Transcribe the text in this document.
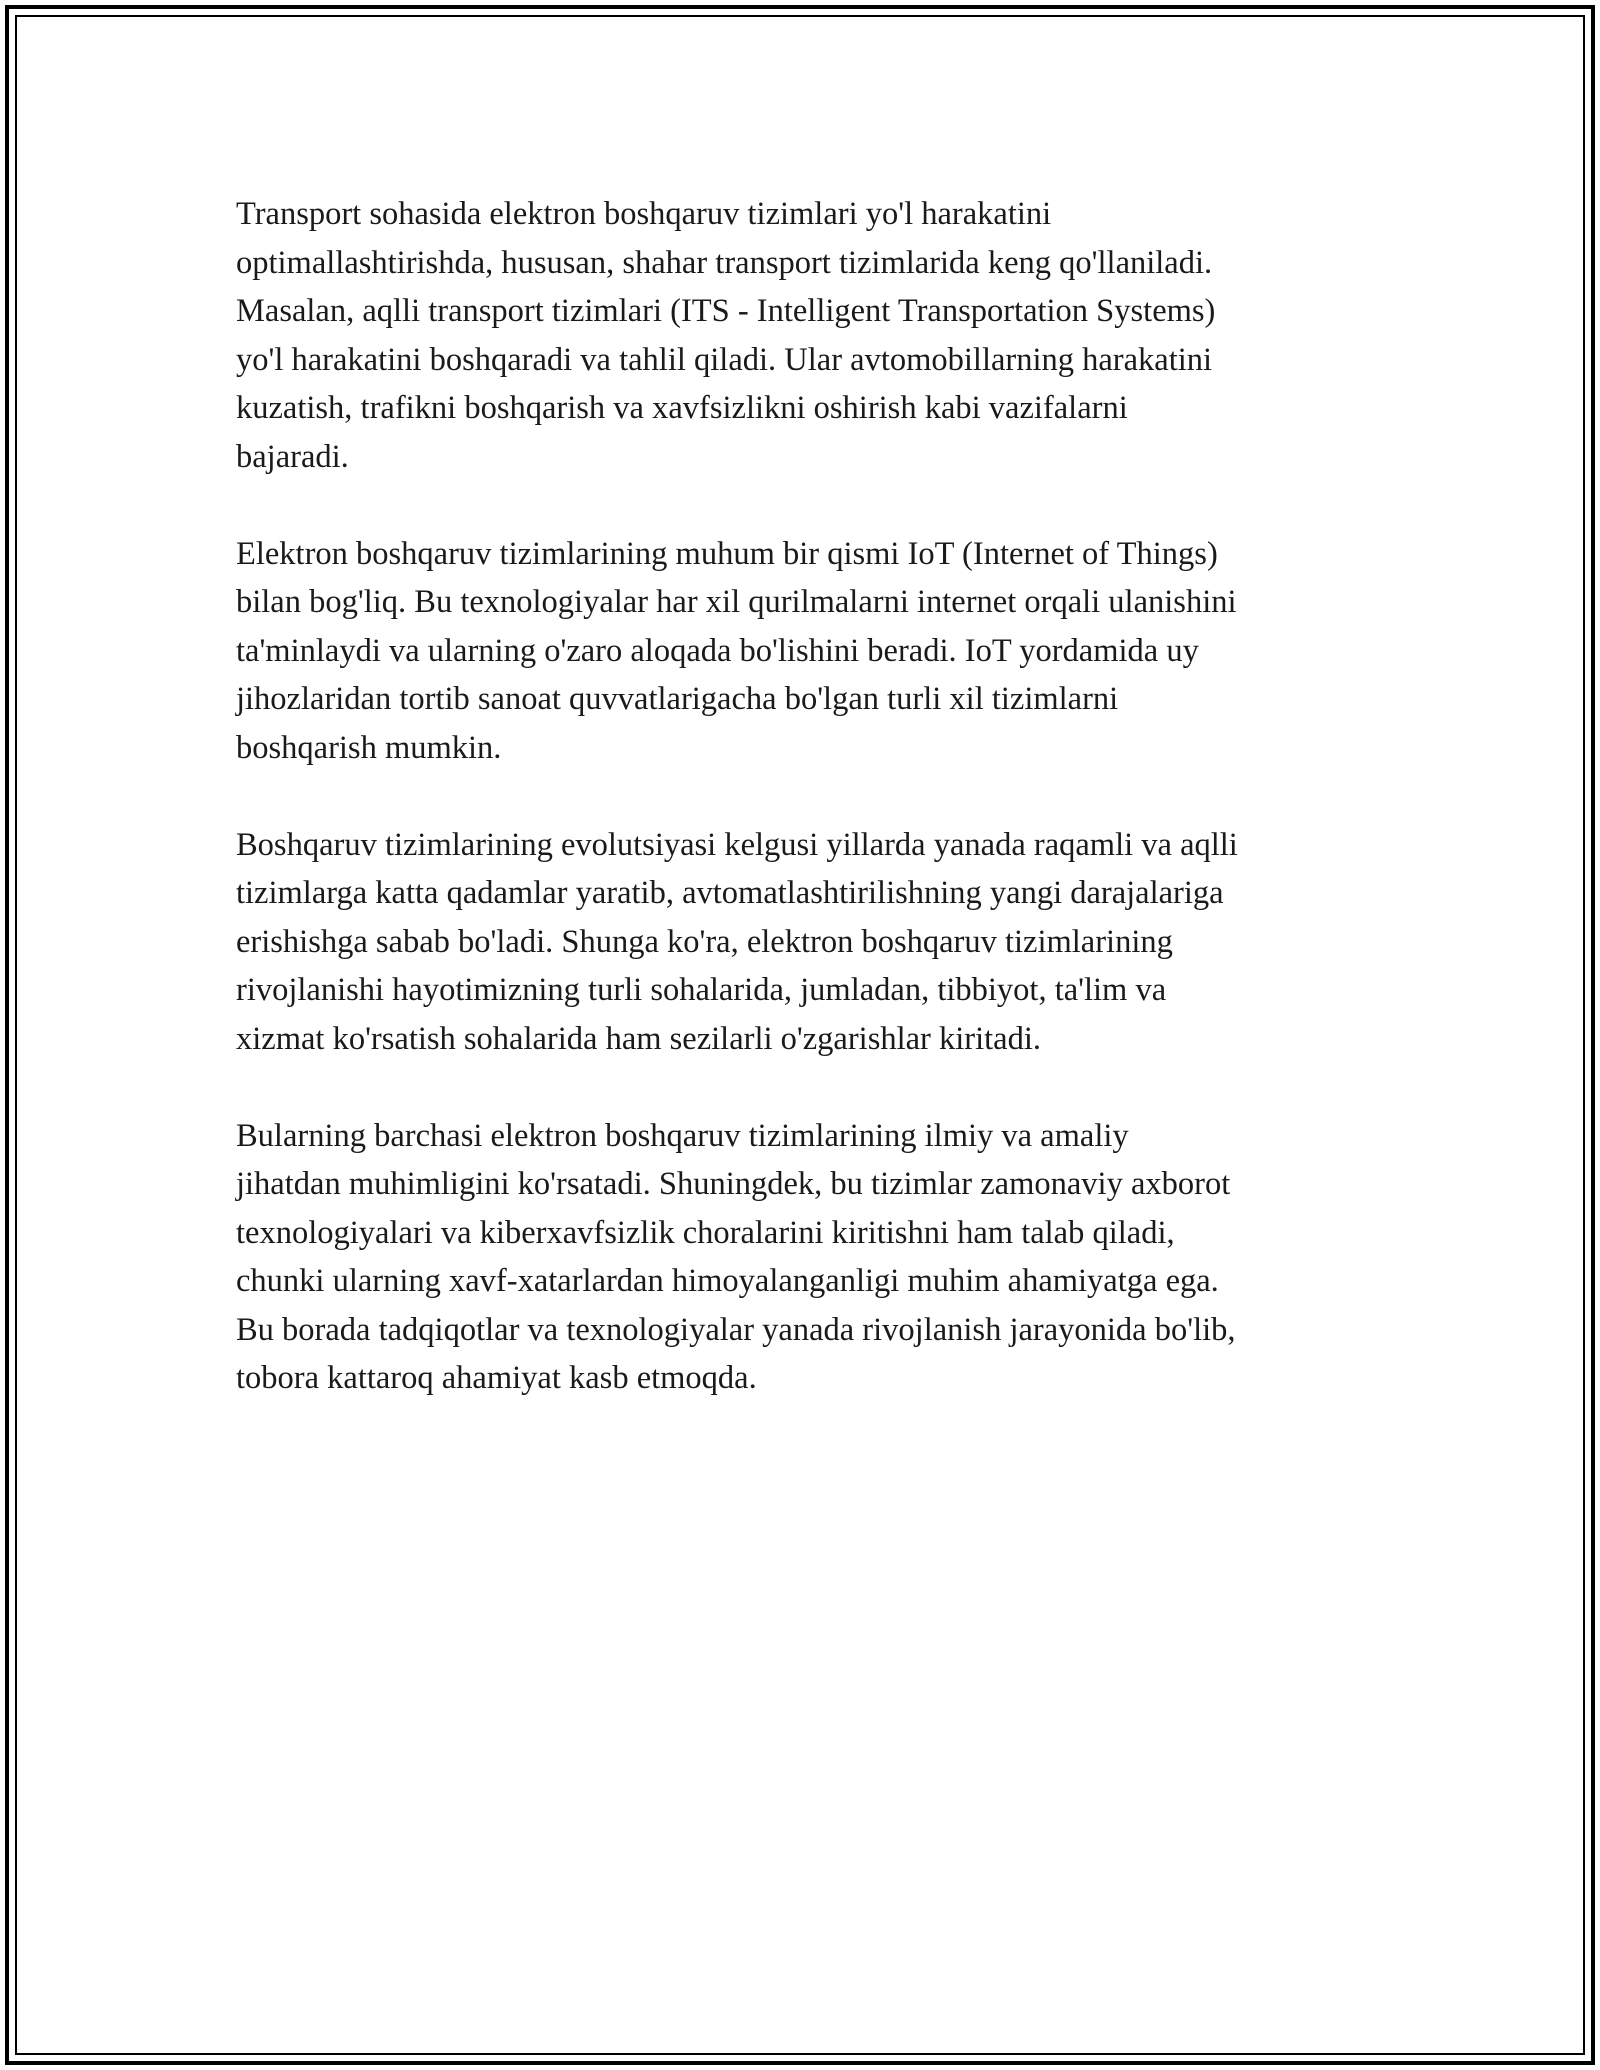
Transport sohasida elektron boshqaruv tizimlari yo'l harakatini
optimallashtirishda, hususan, shahar transport tizimlarida keng qo'llaniladi.
Masalan, aqlli transport tizimlari (ITS - Intelligent Transportation Systems)
yo'l harakatini boshqaradi va tahlil qiladi. Ular avtomobillarning harakatini
kuzatish, trafikni boshqarish va xavfsizlikni oshirish kabi vazifalarni
bajaradi.

Elektron boshqaruv tizimlarining muhum bir qismi IoT (Internet of Things)
bilan bog'liq. Bu texnologiyalar har xil qurilmalarni internet orqali ulanishini
ta'minlaydi va ularning o'zaro aloqada bo'lishini beradi. IoT yordamida uy
jihozlaridan tortib sanoat quvvatlarigacha bo'lgan turli xil tizimlarni
boshqarish mumkin.

Boshqaruv tizimlarining evolutsiyasi kelgusi yillarda yanada raqamli va aqlli
tizimlarga katta qadamlar yaratib, avtomatlashtirilishning yangi darajalariga
erishishga sabab bo'ladi. Shunga ko'ra, elektron boshqaruv tizimlarining
rivojlanishi hayotimizning turli sohalarida, jumladan, tibbiyot, ta'lim va
xizmat ko'rsatish sohalarida ham sezilarli o'zgarishlar kiritadi.

Bularning barchasi elektron boshqaruv tizimlarining ilmiy va amaliy
jihatdan muhimligini ko'rsatadi. Shuningdek, bu tizimlar zamonaviy axborot
texnologiyalari va kiberxavfsizlik choralarini kiritishni ham talab qiladi,
chunki ularning xavf-xatarlardan himoyalanganligi muhim ahamiyatga ega.
Bu borada tadqiqotlar va texnologiyalar yanada rivojlanish jarayonida bo'lib,
tobora kattaroq ahamiyat kasb etmoqda.
